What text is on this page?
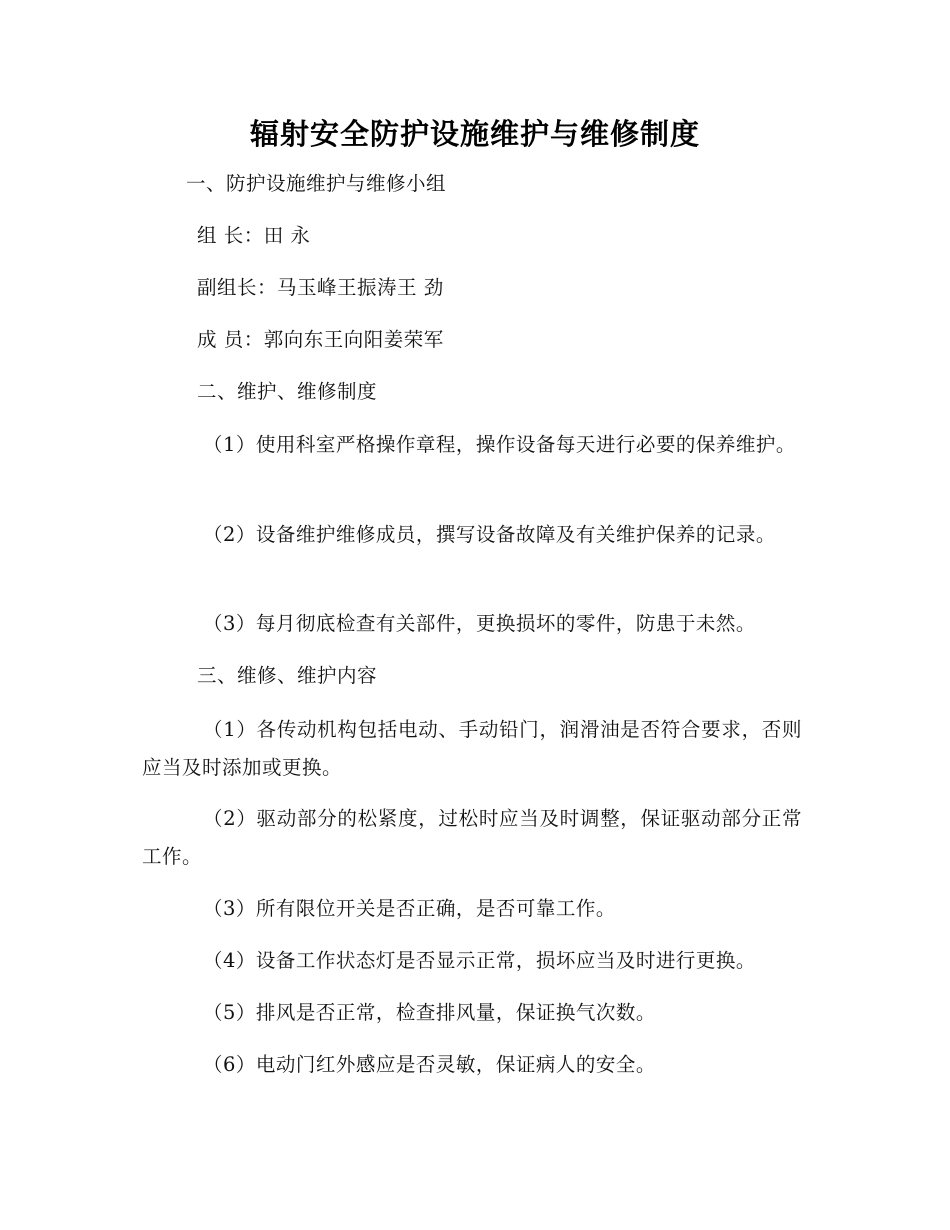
辐射安全防护设施维护与维修制度
一、防护设施维护与维修小组
组 长：田 永
副组长：马玉峰王振涛王 劲
成 员：郭向东王向阳姜荣军
二、维护、维修制度
（1）使用科室严格操作章程，操作设备每天进行必要的保养维护。
（2）设备维护维修成员，撰写设备故障及有关维护保养的记录。
（3）每月彻底检查有关部件，更换损坏的零件，防患于未然。
三、维修、维护内容
（1）各传动机构包括电动、手动铅门，润滑油是否符合要求，否则应当及时添加或更换。
（2）驱动部分的松紧度，过松时应当及时调整，保证驱动部分正常工作。
（3）所有限位开关是否正确，是否可靠工作。
（4）设备工作状态灯是否显示正常，损坏应当及时进行更换。
（5）排风是否正常，检查排风量，保证换气次数。
（6）电动门红外感应是否灵敏，保证病人的安全。
